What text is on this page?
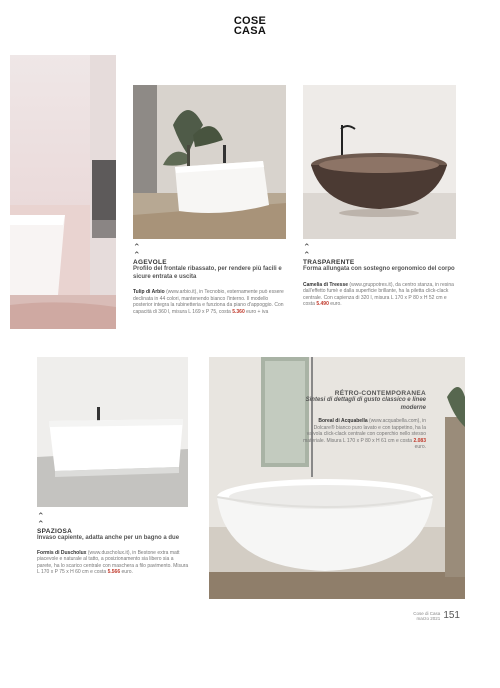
COSE
CASA
⌃
⌃
AGEVOLE
Profilo del frontale ribassato, per rendere più facili e sicure entrata e uscita
Tulip di Arbio (www.arbio.it), in Tecnobio, esternamente può essere declinata in 44 colori, mantenendo bianco l'interno. Il modello posterior integra la rubinetteria e funziona da piano d'appoggio. Con capacità di 360 l, misura L 169 x P 75, costa 5.360 euro + iva
⌃
⌃
TRASPARENTE
Forma allungata con sostegno ergonomico del corpo
Camelia di Treesse (www.gruppotres.it), da centro stanza, in resina dall'effetto fumè e dalla superficie brillante, ha la piletta click-clack centrale. Con capienza di 320 l, misura L 170 x P 80 x H 52 cm e costa 5.490 euro.
RÉTRO-CONTEMPORANEA
Sintesi di dettagli di gusto classico e linee moderne
Boreal di Acquabella (www.acquabella.com), in Dolcare® bianco puro lavato e con tappetino, ha la valvola click-clack centrale con coperchio nello stesso materiale. Misura L 170 x P 80 x H 61 cm e costa 2.083 euro.
⌃
⌃
SPAZIOSA
Invaso capiente, adatta anche per un bagno a due
Formis di Duscholux (www.duscholux.it), in Bestone extra matt piacevole e naturale al tatto, a posizionamento sia libero sia a parete, ha lo scarico centrale con maschera a filo pavimento. Misura L 170 x P 75 x H 60 cm e costa 5.566 euro.
Cose di Casa
marzo 2021 151
